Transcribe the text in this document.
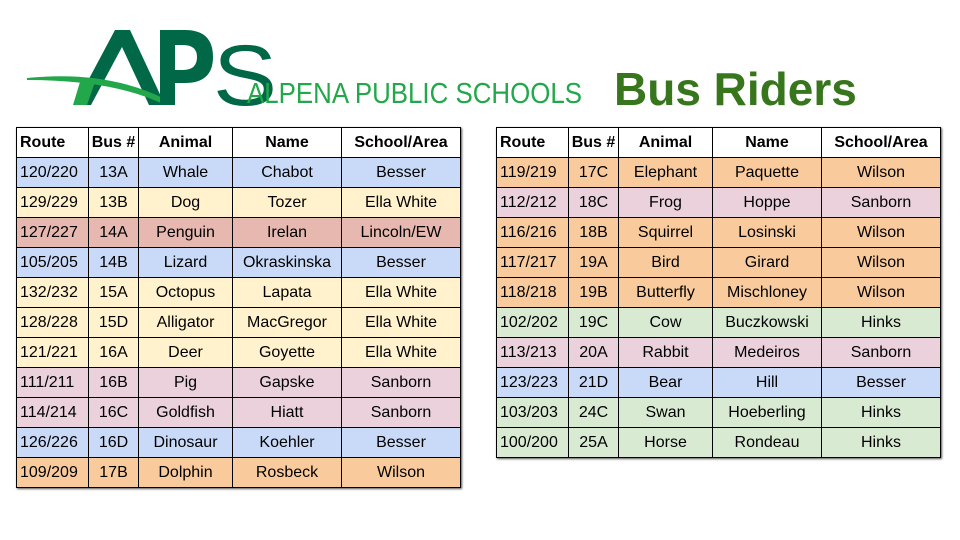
S
ALPENA PUBLIC SCHOOLS Bus Riders
Route	Bus #	Animal	Name	School/Area
120/220	13A	Whale	Chabot	Besser
129/229	13B	Dog	Tozer	Ella White
127/227	14A	Penguin	Irelan	Lincoln/EW
105/205	14B	Lizard	Okraskinska	Besser
132/232	15A	Octopus	Lapata	Ella White
128/228	15D	Alligator	MacGregor	Ella White
121/221	16A	Deer	Goyette	Ella White
111/211	16B	Pig	Gapske	Sanborn
114/214	16C	Goldfish	Hiatt	Sanborn
126/226	16D	Dinosaur	Koehler	Besser
109/209	17B	Dolphin	Rosbeck	Wilson
Route	Bus #	Animal	Name	School/Area
119/219	17C	Elephant	Paquette	Wilson
112/212	18C	Frog	Hoppe	Sanborn
116/216	18B	Squirrel	Losinski	Wilson
117/217	19A	Bird	Girard	Wilson
118/218	19B	Butterfly	Mischloney	Wilson
102/202	19C	Cow	Buczkowski	Hinks
113/213	20A	Rabbit	Medeiros	Sanborn
123/223	21D	Bear	Hill	Besser
103/203	24C	Swan	Hoeberling	Hinks
100/200	25A	Horse	Rondeau	Hinks
